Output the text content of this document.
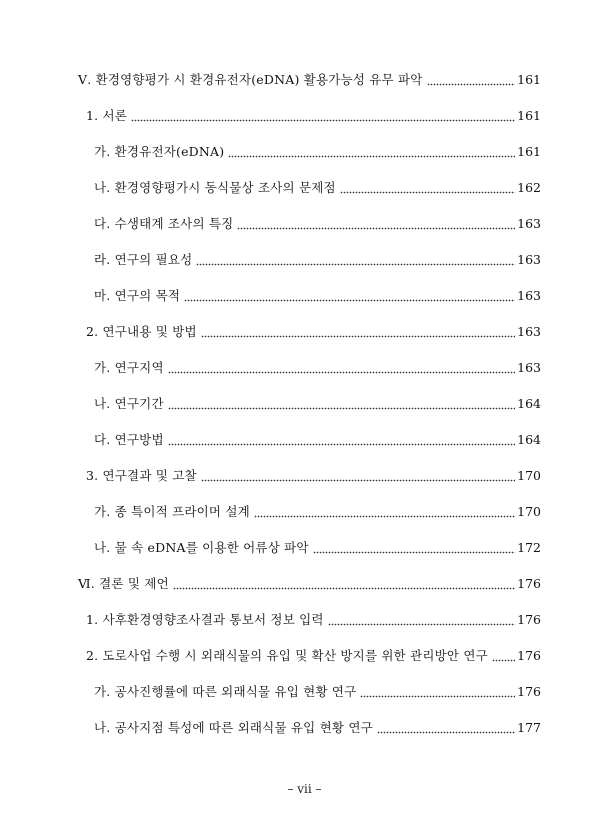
Ⅴ. 환경영향평가 시 환경유전자(eDNA) 활용가능성 유무 파악	161
1. 서론	161
가. 환경유전자(eDNA)	161
나. 환경영향평가시 동식물상 조사의 문제점	162
다. 수생태계 조사의 특징	163
라. 연구의 필요성	163
마. 연구의 목적	163
2. 연구내용 및 방법	163
가. 연구지역	163
나. 연구기간	164
다. 연구방법	164
3. 연구결과 및 고찰	170
가. 종 특이적 프라이머 설계	170
나. 물 속 eDNA를 이용한 어류상 파악	172
Ⅵ. 결론 및 제언	176
1. 사후환경영향조사결과 통보서 정보 입력	176
2. 도로사업 수행 시 외래식물의 유입 및 확산 방지를 위한 관리방안 연구 176
가. 공사진행률에 따른 외래식물 유입 현황 연구	176
나. 공사지점 특성에 따른 외래식물 유입 현황 연구	177
– vii –
